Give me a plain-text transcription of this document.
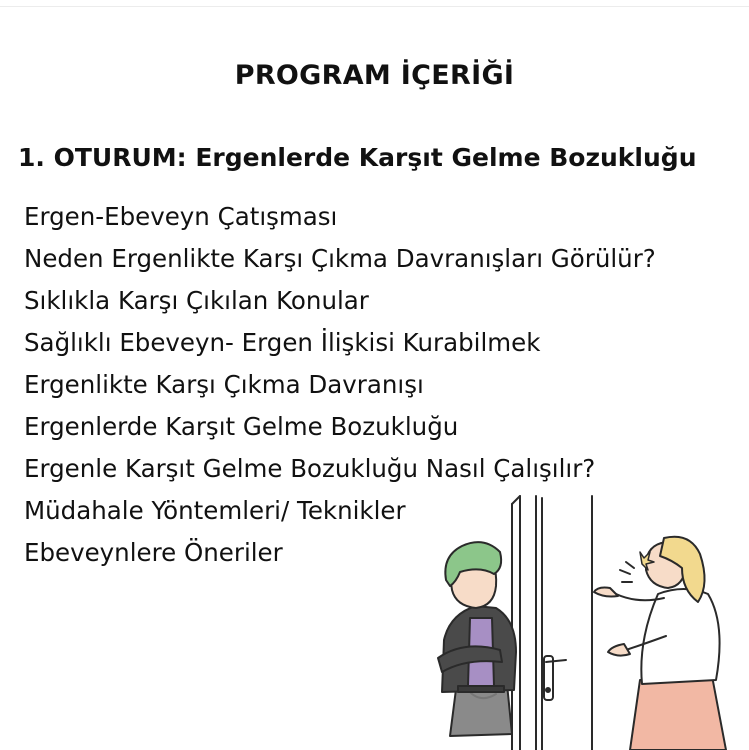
PROGRAM İÇERİĞİ
1. OTURUM: Ergenlerde Karşıt Gelme Bozukluğu
Ergen-Ebeveyn Çatışması
Neden Ergenlikte Karşı Çıkma Davranışları Görülür?
Sıklıkla Karşı Çıkılan Konular
Sağlıklı Ebeveyn- Ergen İlişkisi Kurabilmek
Ergenlikte Karşı Çıkma Davranışı
Ergenlerde Karşıt Gelme Bozukluğu
Ergenle Karşıt Gelme Bozukluğu Nasıl Çalışılır?
Müdahale Yöntemleri/ Teknikler
Ebeveynlere Öneriler
